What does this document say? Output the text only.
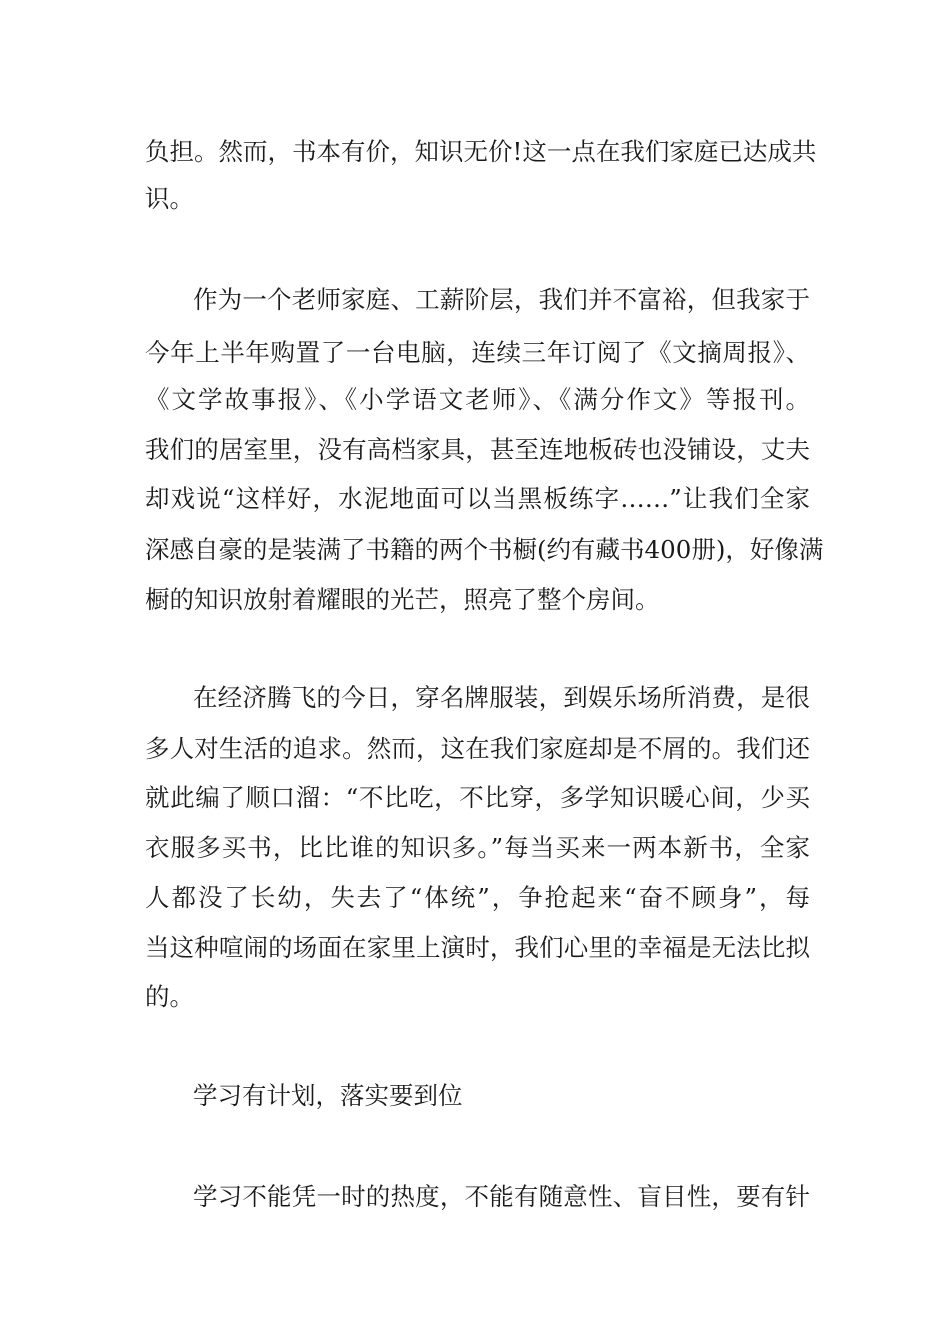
负担。然而，书本有价，知识无价!这一点在我们家庭已达成共
识。
作为一个老师家庭、工薪阶层，我们并不富裕，但我家于
今年上半年购置了一台电脑，连续三年订阅了《文摘周报》、
《文学故事报》、《小学语文老师》、《满分作文》等报刊。
我们的居室里，没有高档家具，甚至连地板砖也没铺设，丈夫
却戏说“这样好，水泥地面可以当黑板练字……”让我们全家
深感自豪的是装满了书籍的两个书橱(约有藏书400册)，好像满
橱的知识放射着耀眼的光芒，照亮了整个房间。
在经济腾飞的今日，穿名牌服装，到娱乐场所消费，是很
多人对生活的追求。然而，这在我们家庭却是不屑的。我们还
就此编了顺口溜：“不比吃，不比穿，多学知识暖心间，少买
衣服多买书，比比谁的知识多。”每当买来一两本新书，全家
人都没了长幼，失去了“体统”，争抢起来“奋不顾身”，每
当这种喧闹的场面在家里上演时，我们心里的幸福是无法比拟
的。
学习有计划，落实要到位
学习不能凭一时的热度，不能有随意性、盲目性，要有针
